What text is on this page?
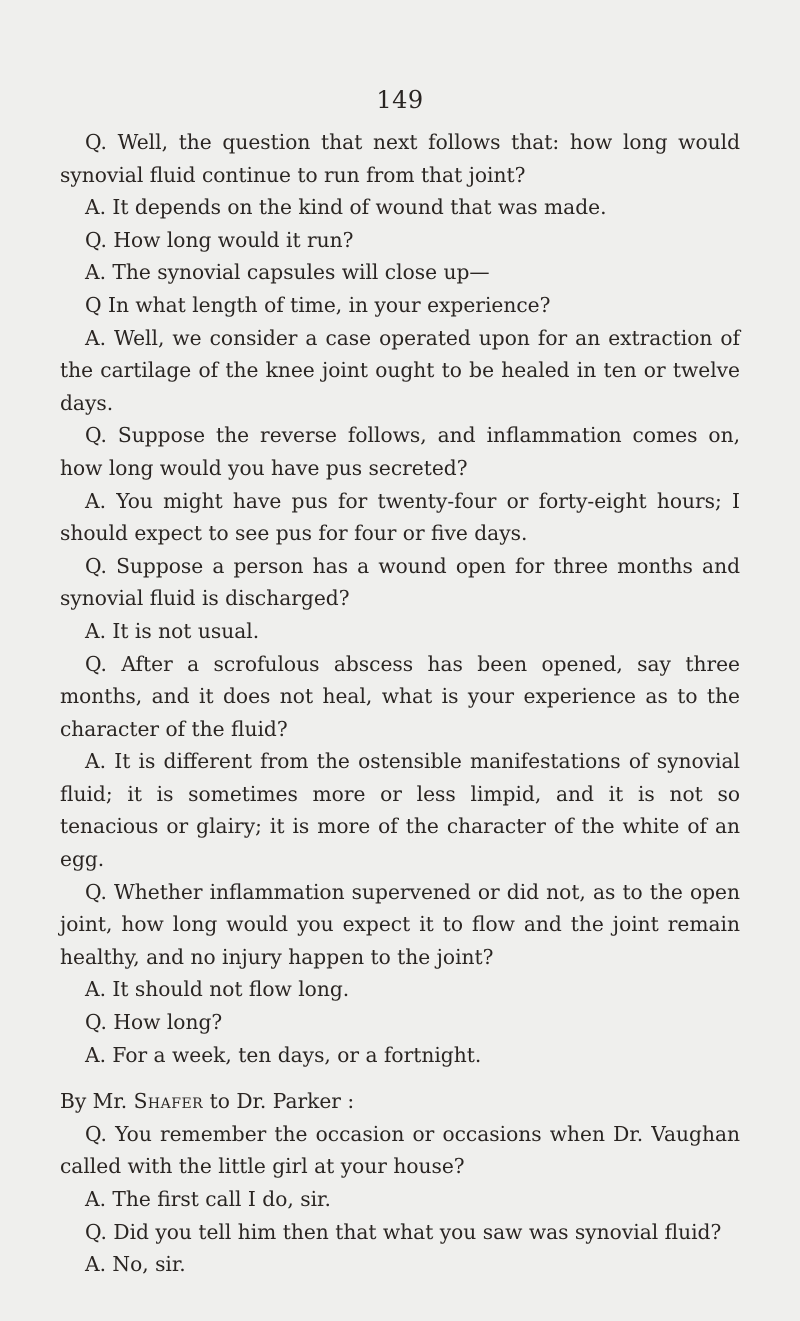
149

Q. Well, the question that next follows that: how long would synovial fluid continue to run from that joint?

A. It depends on the kind of wound that was made.

Q. How long would it run?

A. The synovial capsules will close up—

Q In what length of time, in your experience?

A. Well, we consider a case operated upon for an extraction of the cartilage of the knee joint ought to be healed in ten or twelve days.

Q. Suppose the reverse follows, and inflammation comes on, how long would you have pus secreted?

A. You might have pus for twenty-four or forty-eight hours; I should expect to see pus for four or five days.

Q. Suppose a person has a wound open for three months and synovial fluid is discharged?

A. It is not usual.

Q. After a scrofulous abscess has been opened, say three months, and it does not heal, what is your experience as to the character of the fluid?

A. It is different from the ostensible manifestations of synovial fluid; it is sometimes more or less limpid, and it is not so tenacious or glairy; it is more of the character of the white of an egg.

Q. Whether inflammation supervened or did not, as to the open joint, how long would you expect it to flow and the joint remain healthy, and no injury happen to the joint?

A. It should not flow long.

Q. How long?

A. For a week, ten days, or a fortnight.

By Mr. Shafer to Dr. Parker :

Q. You remember the occasion or occasions when Dr. Vaughan called with the little girl at your house?

A. The first call I do, sir.

Q. Did you tell him then that what you saw was synovial fluid?

A. No, sir.
